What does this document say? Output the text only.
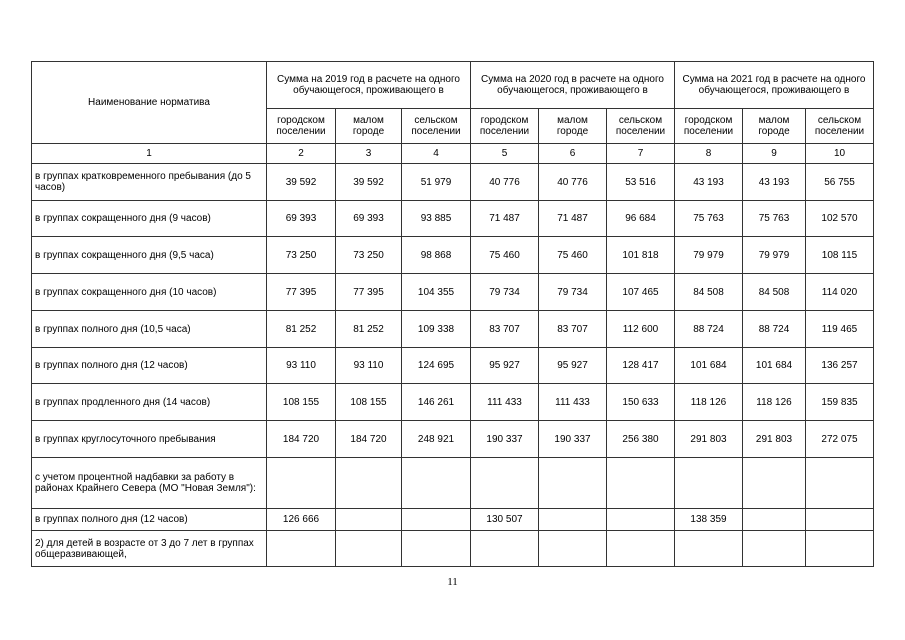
Наименование норматива	Сумма на 2019 год в расчете на одного обучающегося, проживающего в			Сумма на 2020 год в расчете на одного обучающегося, проживающего в			Сумма на 2021 год в расчете на одного обучающегося, проживающего в		
	городском поселении	малом городе	сельском поселении	городском поселении	малом городе	сельском поселении	городском поселении	малом городе	сельском поселении
1	2	3	4	5	6	7	8	9	10
в группах кратковременного пребывания (до 5 часов)	39 592	39 592	51 979	40 776	40 776	53 516	43 193	43 193	56 755
в группах сокращенного дня (9 часов)	69 393	69 393	93 885	71 487	71 487	96 684	75 763	75 763	102 570
в группах сокращенного дня (9,5 часа)	73 250	73 250	98 868	75 460	75 460	101 818	79 979	79 979	108 115
в группах сокращенного дня (10 часов)	77 395	77 395	104 355	79 734	79 734	107 465	84 508	84 508	114 020
в группах полного дня (10,5 часа)	81 252	81 252	109 338	83 707	83 707	112 600	88 724	88 724	119 465
в группах полного дня (12 часов)	93 110	93 110	124 695	95 927	95 927	128 417	101 684	101 684	136 257
в группах продленного дня (14 часов)	108 155	108 155	146 261	111 433	111 433	150 633	118 126	118 126	159 835
в группах круглосуточного пребывания	184 720	184 720	248 921	190 337	190 337	256 380	291 803	291 803	272 075
с учетом процентной надбавки за работу в районах Крайнего Севера (МО "Новая Земля"):									
в группах полного дня (12 часов)	126 666			130 507			138 359		
2) для детей в возрасте от 3 до 7 лет в группах общеразвивающей,									
11
